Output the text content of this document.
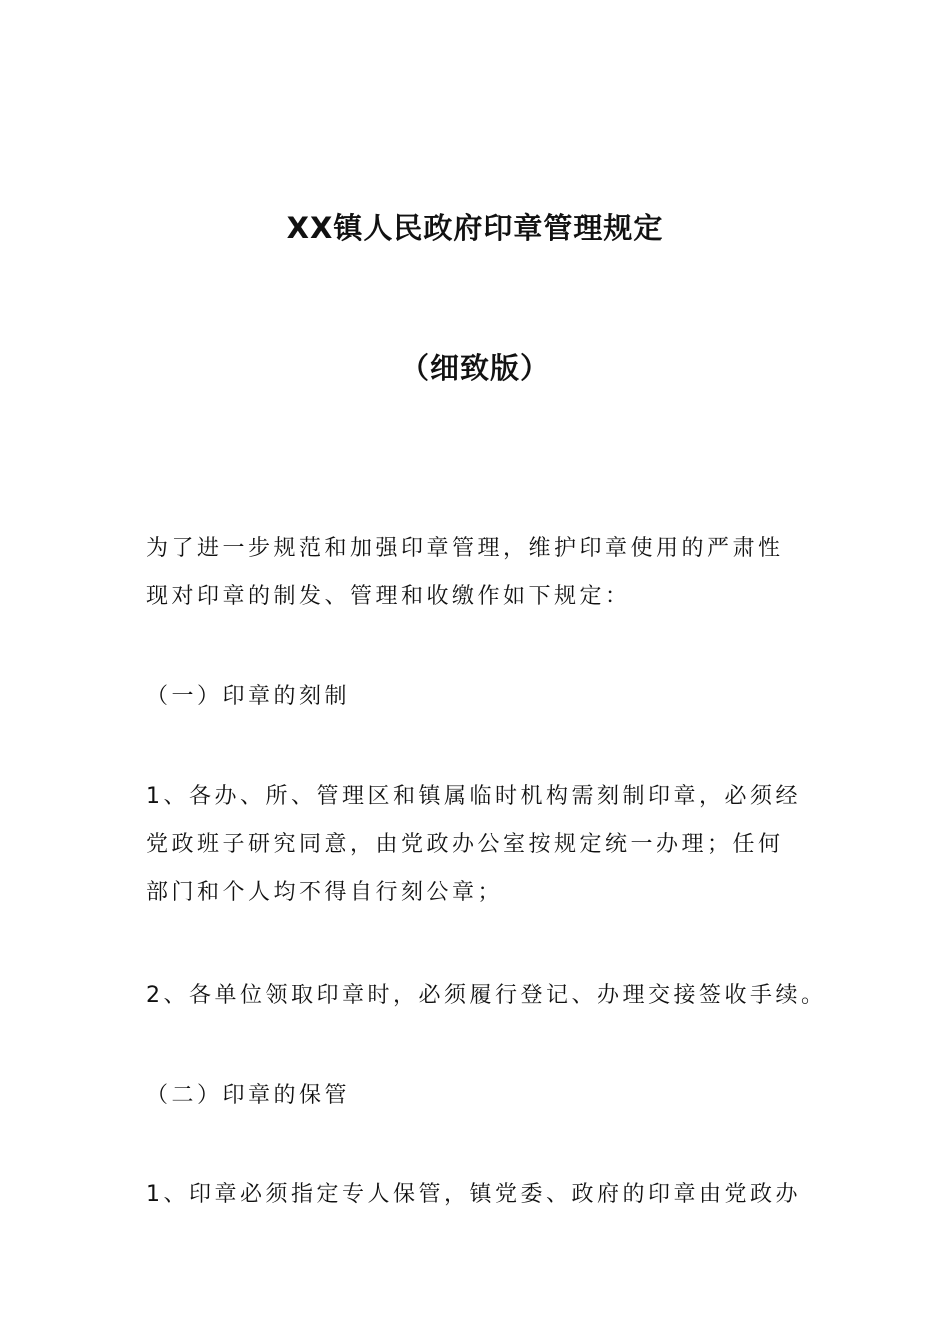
XX镇人民政府印章管理规定
（细致版）

为了进一步规范和加强印章管理，维护印章使用的严肃性
现对印章的制发、管理和收缴作如下规定：

（一）印章的刻制

1、各办、所、管理区和镇属临时机构需刻制印章，必须经
党政班子研究同意，由党政办公室按规定统一办理；任何
部门和个人均不得自行刻公章；

2、各单位领取印章时，必须履行登记、办理交接签收手续。

（二）印章的保管

1、印章必须指定专人保管，镇党委、政府的印章由党政办
